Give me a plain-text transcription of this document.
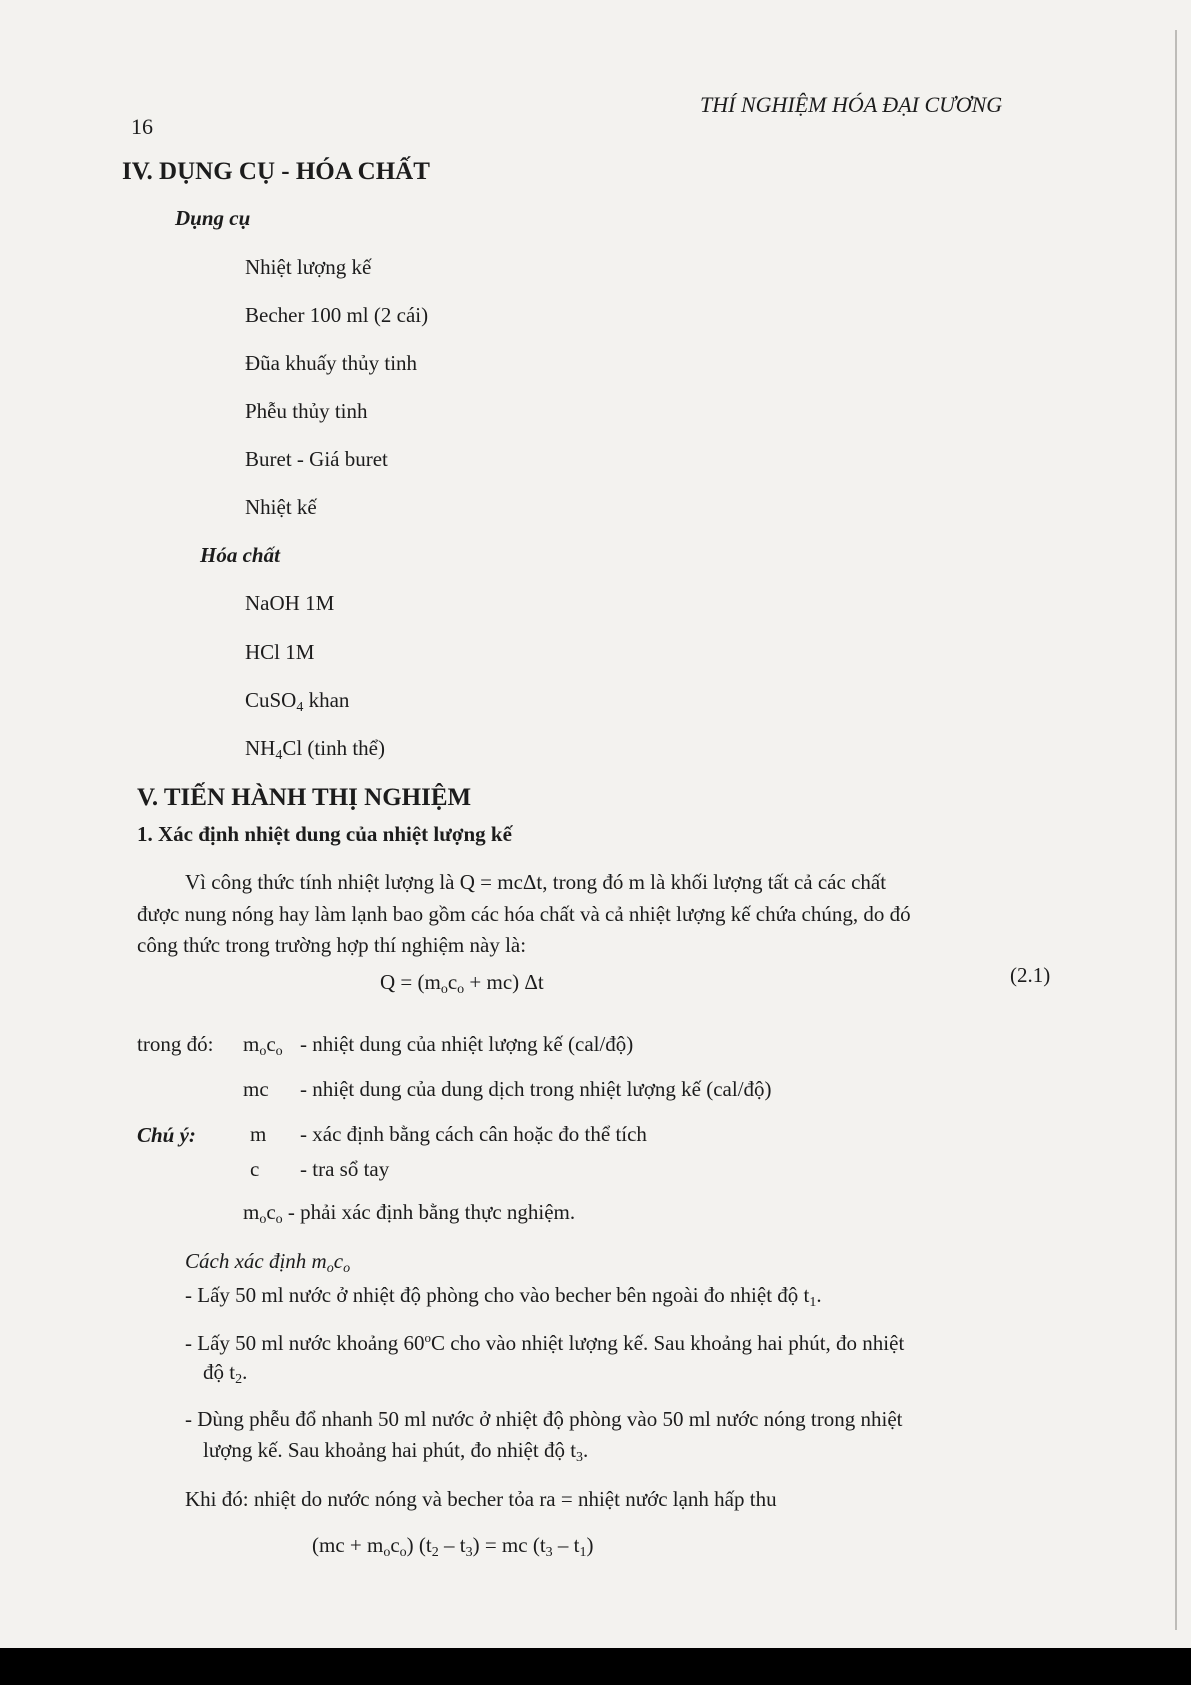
16
THÍ NGHIỆM HÓA ĐẠI CƯƠNG
IV. DỤNG CỤ - HÓA CHẤT
Dụng cụ
Nhiệt lượng kế
Becher 100 ml (2 cái)
Đũa khuấy thủy tinh
Phễu thủy tinh
Buret - Giá buret
Nhiệt kế
Hóa chất
NaOH 1M
HCl 1M
CuSO$_4$ khan
$NH_4Cl$ (tinh thể)
V. TIẾN HÀNH THỊ NGHIỆM
1. Xác định nhiệt dung của nhiệt lượng kế
Vì công thức tính nhiệt lượng là Q = mcΔt, trong đó m là khối lượng tất cả các chất
được nung nóng hay làm lạnh bao gồm các hóa chất và cả nhiệt lượng kế chứa chúng, do đó
công thức trong trường hợp thí nghiệm này là:
$Q = (m_oc_o + mc)$ Δt	(2.1)
trong đó: $m_oc_o$ - nhiệt dung của nhiệt lượng kế (cal/độ)
mc - nhiệt dung của dung dịch trong nhiệt lượng kế (cal/độ)
Chú ý:	m - xác định bằng cách cân hoặc đo thể tích
c - tra sổ tay
$m_oc_o$ - phải xác định bằng thực nghiệm.
Cách xác định $m_oc_o$
- Lấy 50 ml nước ở nhiệt độ phòng cho vào becher bên ngoài đo nhiệt độ $t_1$.
- Lấy 50 ml nước khoảng 60$^o$C cho vào nhiệt lượng kế. Sau khoảng hai phút, đo nhiệt
độ $t_2$.
- Dùng phễu đổ nhanh 50 ml nước ở nhiệt độ phòng vào 50 ml nước nóng trong nhiệt
lượng kế. Sau khoảng hai phút, đo nhiệt độ $t_3$.
Khi đó: nhiệt do nước nóng và becher tỏa ra = nhiệt nước lạnh hấp thu
$(mc + m_oc_o)$ $(t_2 - t_3)$ = mc $(t_3 - t_1)$
